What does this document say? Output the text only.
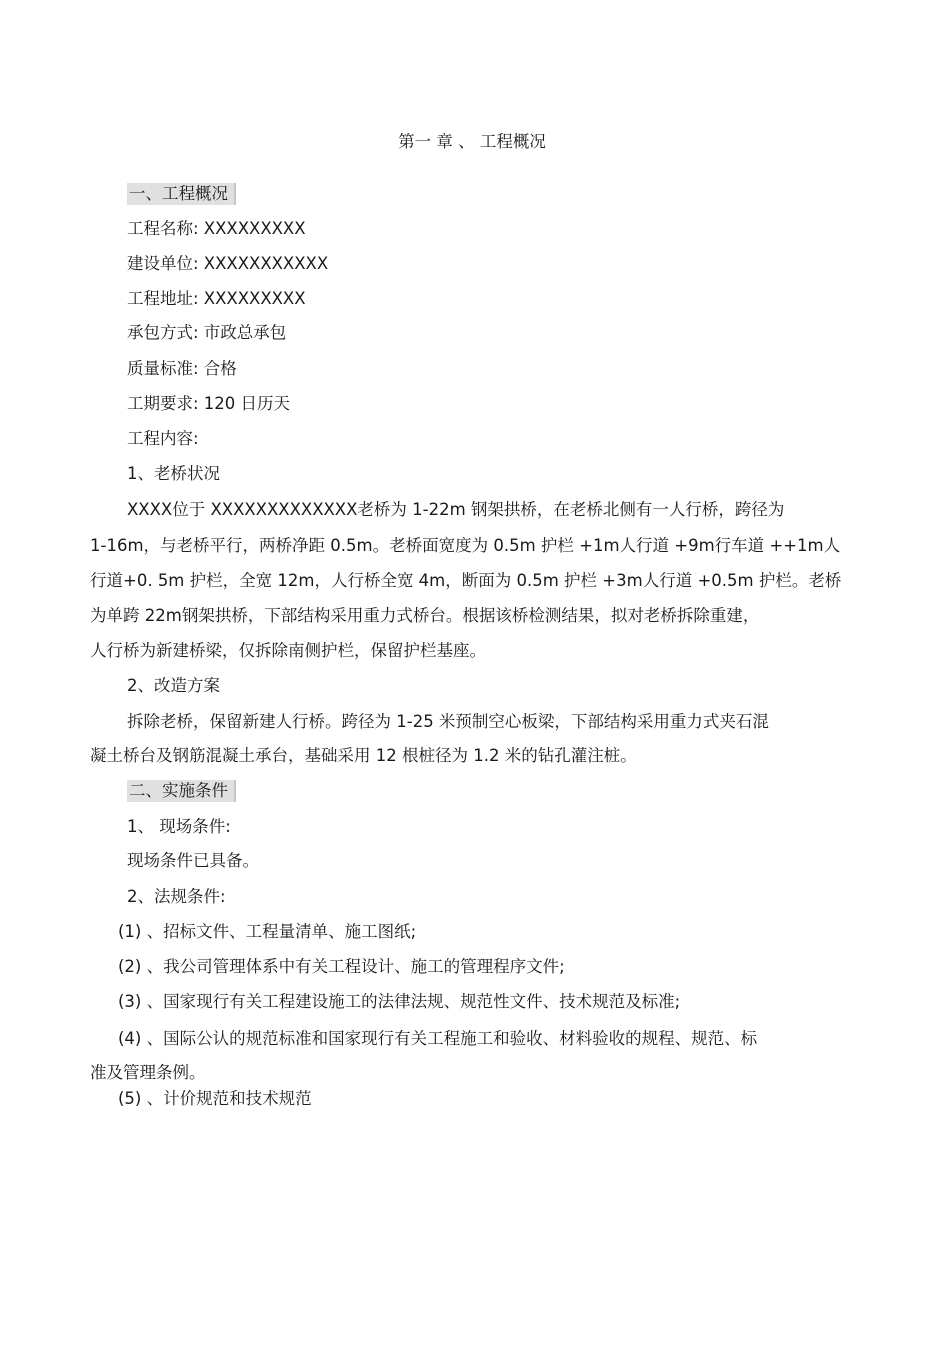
第一 章 、 工程概况
一、工程概况
工程名称: XXXXXXXXX
建设单位: XXXXXXXXXXX
工程地址: XXXXXXXXX
承包方式: 市政总承包
质量标准: 合格
工期要求: 120 日历天
工程内容:
1、老桥状况
XXXX位于 XXXXXXXXXXXXX老桥为 1-22m 钢架拱桥，在老桥北侧有一人行桥，跨径为
1-16m，与老桥平行，两桥净距 0.5m。老桥面宽度为 0.5m 护栏 +1m人行道 +9m行车道 ++1m人
行道+0. 5m 护栏，全宽 12m，人行桥全宽 4m，断面为 0.5m 护栏 +3m人行道 +0.5m 护栏。老桥
为单跨 22m钢架拱桥，下部结构采用重力式桥台。根据该桥检测结果，拟对老桥拆除重建，
人行桥为新建桥梁，仅拆除南侧护栏，保留护栏基座。
2、改造方案
拆除老桥，保留新建人行桥。跨径为 1-25 米预制空心板梁，下部结构采用重力式夹石混
凝土桥台及钢筋混凝土承台，基础采用 12 根桩径为 1.2 米的钻孔灌注桩。
二、实施条件
1、 现场条件:
现场条件已具备。
2、法规条件:
(1) 、招标文件、工程量清单、施工图纸;
(2) 、我公司管理体系中有关工程设计、施工的管理程序文件;
(3) 、国家现行有关工程建设施工的法律法规、规范性文件、技术规范及标准;
(4) 、国际公认的规范标准和国家现行有关工程施工和验收、材料验收的规程、规范、标
准及管理条例。
(5) 、计价规范和技术规范
